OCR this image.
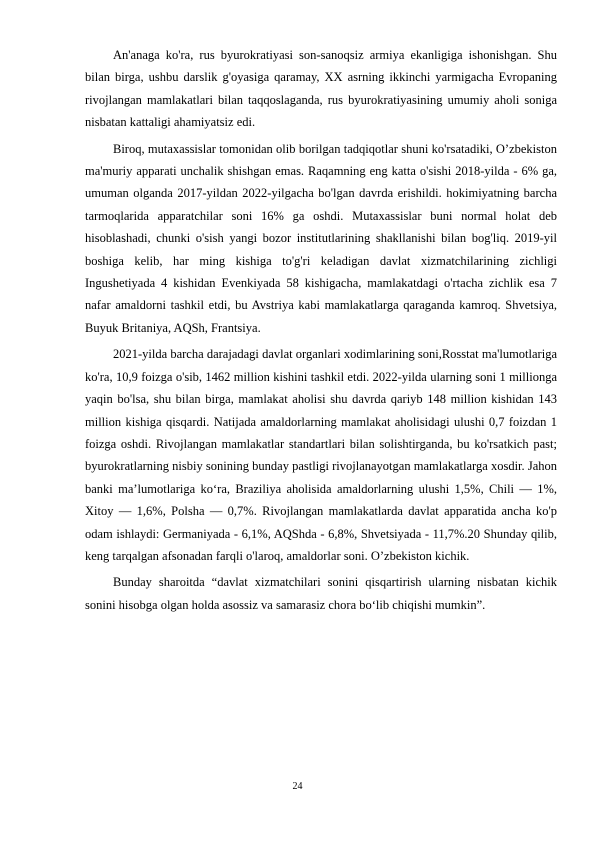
An'anaga ko'ra, rus byurokratiyasi son-sanoqsiz armiya ekanligiga ishonishgan. Shu bilan birga, ushbu darslik g'oyasiga qaramay, XX asrning ikkinchi yarmigacha Evropaning rivojlangan mamlakatlari bilan taqqoslaganda, rus byurokratiyasining umumiy aholi soniga nisbatan kattaligi ahamiyatsiz edi.

Biroq, mutaxassislar tomonidan olib borilgan tadqiqotlar shuni ko'rsatadiki, O’zbekiston ma'muriy apparati unchalik shishgan emas. Raqamning eng katta o'sishi 2018-yilda - 6% ga, umuman olganda 2017-yildan 2022-yilgacha bo'lgan davrda erishildi. hokimiyatning barcha tarmoqlarida apparatchilar soni 16% ga oshdi. Mutaxassislar buni normal holat deb hisoblashadi, chunki o'sish yangi bozor institutlarining shakllanishi bilan bog'liq. 2019-yil boshiga kelib, har ming kishiga to'g'ri keladigan davlat xizmatchilarining zichligi Ingushetiyada 4 kishidan Evenkiyada 58 kishigacha, mamlakatdagi o'rtacha zichlik esa 7 nafar amaldorni tashkil etdi, bu Avstriya kabi mamlakatlarga qaraganda kamroq. Shvetsiya, Buyuk Britaniya, AQSh, Frantsiya.

2021-yilda barcha darajadagi davlat organlari xodimlarining soni,Rosstat ma'lumotlariga ko'ra, 10,9 foizga o'sib, 1462 million kishini tashkil etdi. 2022-yilda ularning soni 1 millionga yaqin bo'lsa, shu bilan birga, mamlakat aholisi shu davrda qariyb 148 million kishidan 143 million kishiga qisqardi. Natijada amaldorlarning mamlakat aholisidagi ulushi 0,7 foizdan 1 foizga oshdi. Rivojlangan mamlakatlar standartlari bilan solishtirganda, bu ko'rsatkich past; byurokratlarning nisbiy sonining bunday pastligi rivojlanayotgan mamlakatlarga xosdir. Jahon banki maʼlumotlariga koʻra, Braziliya aholisida amaldorlarning ulushi 1,5%, Chili — 1%, Xitoy — 1,6%, Polsha — 0,7%. Rivojlangan mamlakatlarda davlat apparatida ancha ko'p odam ishlaydi: Germaniyada - 6,1%, AQShda - 6,8%, Shvetsiyada - 11,7%.20 Shunday qilib, keng tarqalgan afsonadan farqli o'laroq, amaldorlar soni. O’zbekiston kichik.

Bunday sharoitda “davlat xizmatchilari sonini qisqartirish ularning nisbatan kichik sonini hisobga olgan holda asossiz va samarasiz chora bo‘lib chiqishi mumkin”.

24
